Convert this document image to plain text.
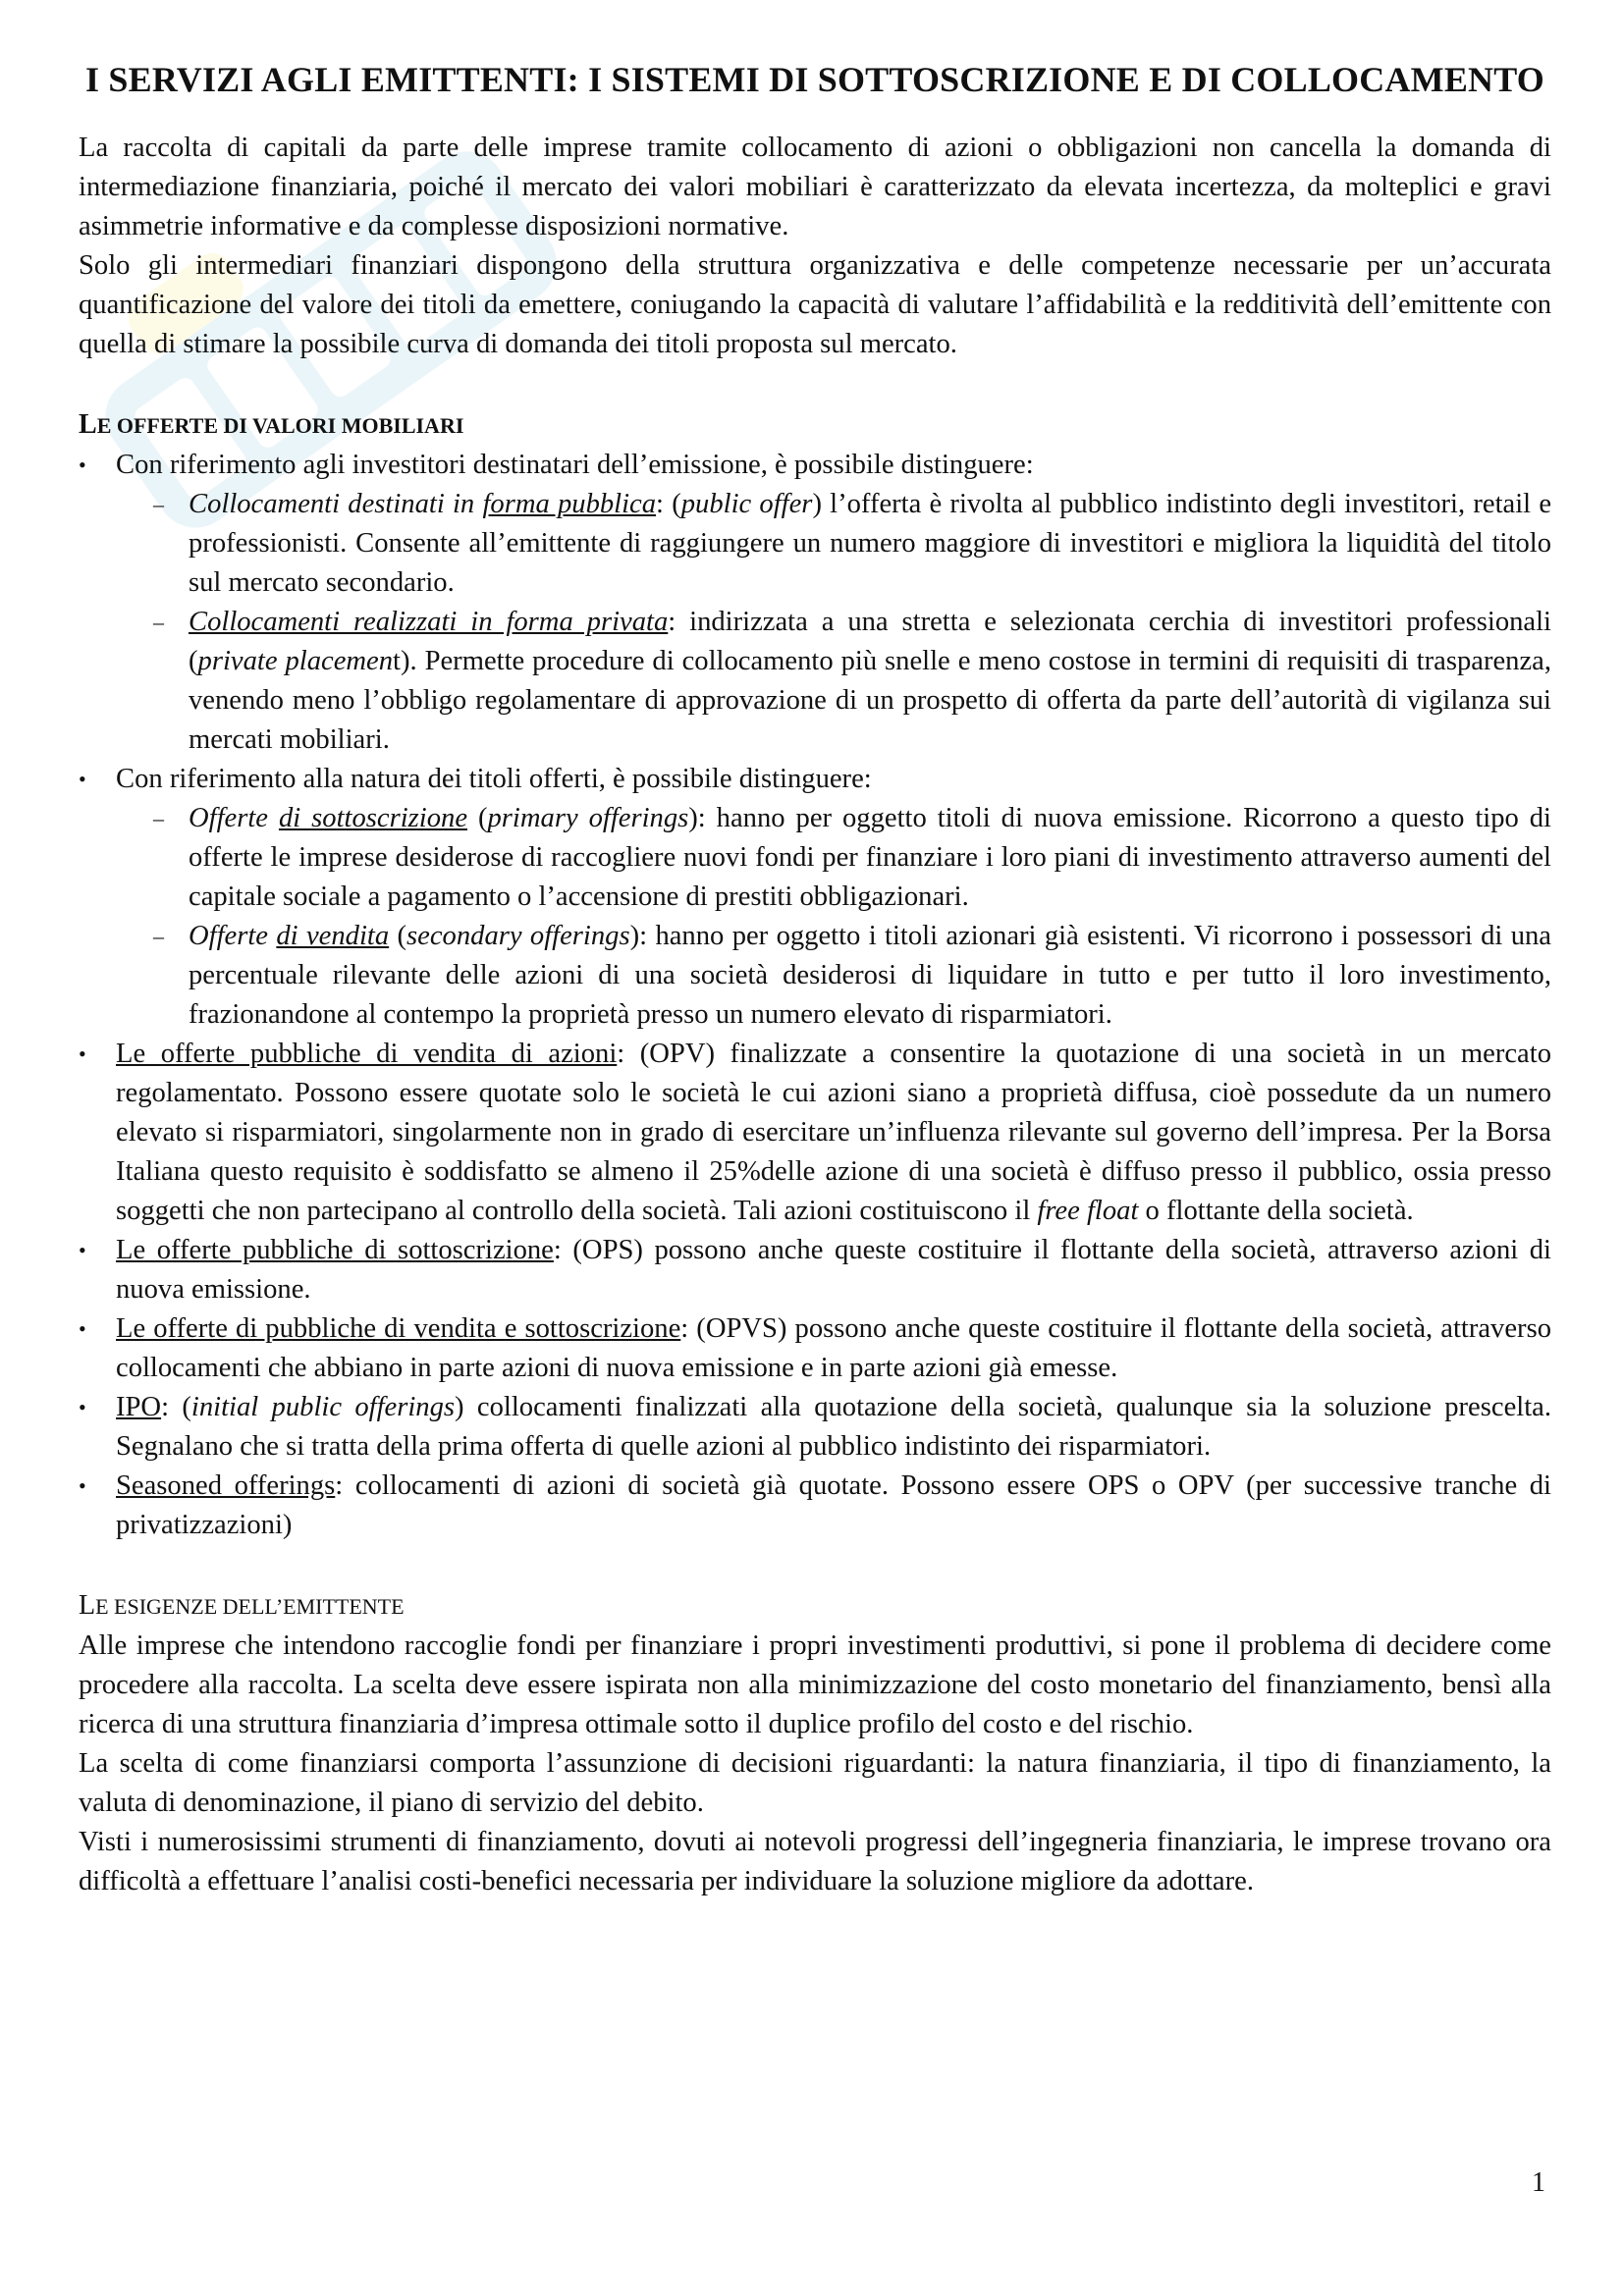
I SERVIZI AGLI EMITTENTI: I SISTEMI DI SOTTOSCRIZIONE E DI COLLOCAMENTO

La raccolta di capitali da parte delle imprese tramite collocamento di azioni o obbligazioni non cancella la domanda di intermediazione finanziaria, poiché il mercato dei valori mobiliari è caratterizzato da elevata incertezza, da molteplici e gravi asimmetrie informative e da complesse disposizioni normative.

Solo gli intermediari finanziari dispongono della struttura organizzativa e delle competenze necessarie per un’accurata quantificazione del valore dei titoli da emettere, coniugando la capacità di valutare l’affidabilità e la redditività dell’emittente con quella di stimare la possibile curva di domanda dei titoli proposta sul mercato.

LE OFFERTE DI VALORI MOBILIARI
• Con riferimento agli investitori destinatari dell’emissione, è possibile distinguere:
– Collocamenti destinati in forma pubblica: (public offer) l’offerta è rivolta al pubblico indistinto degli investitori, retail e professionisti. Consente all’emittente di raggiungere un numero maggiore di investitori e migliora la liquidità del titolo sul mercato secondario.
– Collocamenti realizzati in forma privata: indirizzata a una stretta e selezionata cerchia di investitori professionali (private placement). Permette procedure di collocamento più snelle e meno costose in termini di requisiti di trasparenza, venendo meno l’obbligo regolamentare di approvazione di un prospetto di offerta da parte dell’autorità di vigilanza sui mercati mobiliari.
• Con riferimento alla natura dei titoli offerti, è possibile distinguere:
– Offerte di sottoscrizione (primary offerings): hanno per oggetto titoli di nuova emissione. Ricorrono a questo tipo di offerte le imprese desiderose di raccogliere nuovi fondi per finanziare i loro piani di investimento attraverso aumenti del capitale sociale a pagamento o l’accensione di prestiti obbligazionari.
– Offerte di vendita (secondary offerings): hanno per oggetto i titoli azionari già esistenti. Vi ricorrono i possessori di una percentuale rilevante delle azioni di una società desiderosi di liquidare in tutto e per tutto il loro investimento, frazionandone al contempo la proprietà presso un numero elevato di risparmiatori.
• Le offerte pubbliche di vendita di azioni: (OPV) finalizzate a consentire la quotazione di una società in un mercato regolamentato. Possono essere quotate solo le società le cui azioni siano a proprietà diffusa, cioè possedute da un numero elevato si risparmiatori, singolarmente non in grado di esercitare un’influenza rilevante sul governo dell’impresa. Per la Borsa Italiana questo requisito è soddisfatto se almeno il 25%delle azione di una società è diffuso presso il pubblico, ossia presso soggetti che non partecipano al controllo della società. Tali azioni costituiscono il free float o flottante della società.
• Le offerte pubbliche di sottoscrizione: (OPS) possono anche queste costituire il flottante della società, attraverso azioni di nuova emissione.
• Le offerte di pubbliche di vendita e sottoscrizione: (OPVS) possono anche queste costituire il flottante della società, attraverso collocamenti che abbiano in parte azioni di nuova emissione e in parte azioni già emesse.
• IPO: (initial public offerings) collocamenti finalizzati alla quotazione della società, qualunque sia la soluzione prescelta. Segnalano che si tratta della prima offerta di quelle azioni al pubblico indistinto dei risparmiatori.
• Seasoned offerings: collocamenti di azioni di società già quotate. Possono essere OPS o OPV (per successive tranche di privatizzazioni)
LE ESIGENZE DELL’EMITTENTE

Alle imprese che intendono raccoglie fondi per finanziare i propri investimenti produttivi, si pone il problema di decidere come procedere alla raccolta. La scelta deve essere ispirata non alla minimizzazione del costo monetario del finanziamento, bensì alla ricerca di una struttura finanziaria d’impresa ottimale sotto il duplice profilo del costo e del rischio.

La scelta di come finanziarsi comporta l’assunzione di decisioni riguardanti: la natura finanziaria, il tipo di finanziamento, la valuta di denominazione, il piano di servizio del debito.

Visti i numerosissimi strumenti di finanziamento, dovuti ai notevoli progressi dell’ingegneria finanziaria, le imprese trovano ora difficoltà a effettuare l’analisi costi-benefici necessaria per individuare la soluzione migliore da adottare.

1
